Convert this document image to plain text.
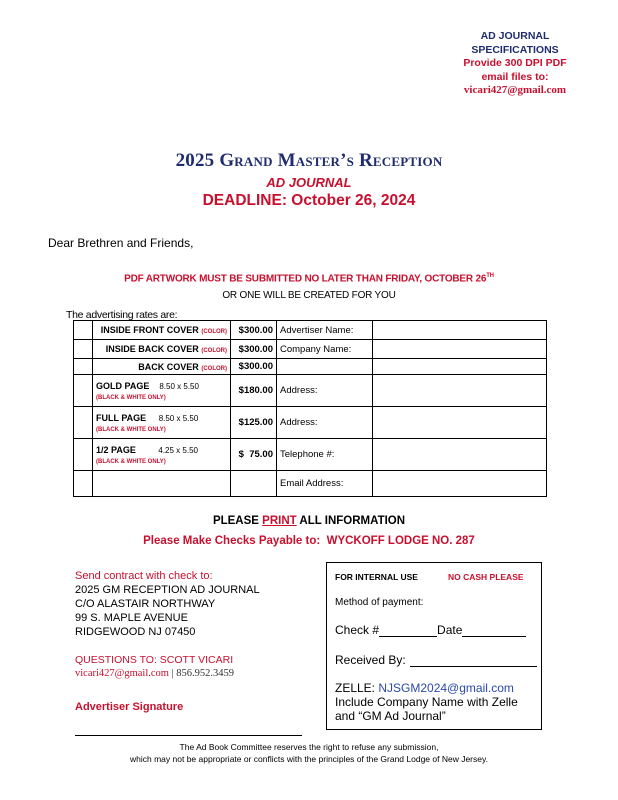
AD JOURNAL
SPECIFICATIONS
Provide 300 DPI PDF
email files to:
vicari427@gmail.com
2025 Grand Master’s Reception
AD JOURNAL
DEADLINE: October 26, 2024
Dear Brethren and Friends,
PDF ARTWORK MUST BE SUBMITTED NO LATER THAN FRIDAY, OCTOBER 26TH
OR ONE WILL BE CREATED FOR YOU
The advertising rates are:
	INSIDE FRONT COVER (COLOR)	$300.00	Advertiser Name:	
	INSIDE BACK COVER (COLOR)	$300.00	Company Name:	
	BACK COVER (COLOR)	$300.00		
	GOLD PAGE 8.50 x 5.50
(BLACK & WHITE ONLY)	$180.00	Address:	
	FULL PAGE 8.50 x 5.50
(BLACK & WHITE ONLY)	$125.00	Address:	
	1/2 PAGE 4.25 x 5.50
(BLACK & WHITE ONLY)	$  75.00	Telephone #:	
			Email Address:	
PLEASE PRINT ALL INFORMATION
Please Make Checks Payable to:  WYCKOFF LODGE NO. 287
Send contract with check to:
2025 GM RECEPTION AD JOURNAL
C/O ALASTAIR NORTHWAY
99 S. MAPLE AVENUE
RIDGEWOOD NJ 07450
QUESTIONS TO: SCOTT VICARI
vicari427@gmail.com | 856.952.3459
Advertiser Signature
FOR INTERNAL USE	NO CASH PLEASE
Method of payment:
Check #	Date
Received By:
ZELLE: NJSGM2024@gmail.com
Include Company Name with Zelle
and “GM Ad Journal”
The Ad Book Committee reserves the right to refuse any submission,
which may not be appropriate or conflicts with the principles of the Grand Lodge of New Jersey.
